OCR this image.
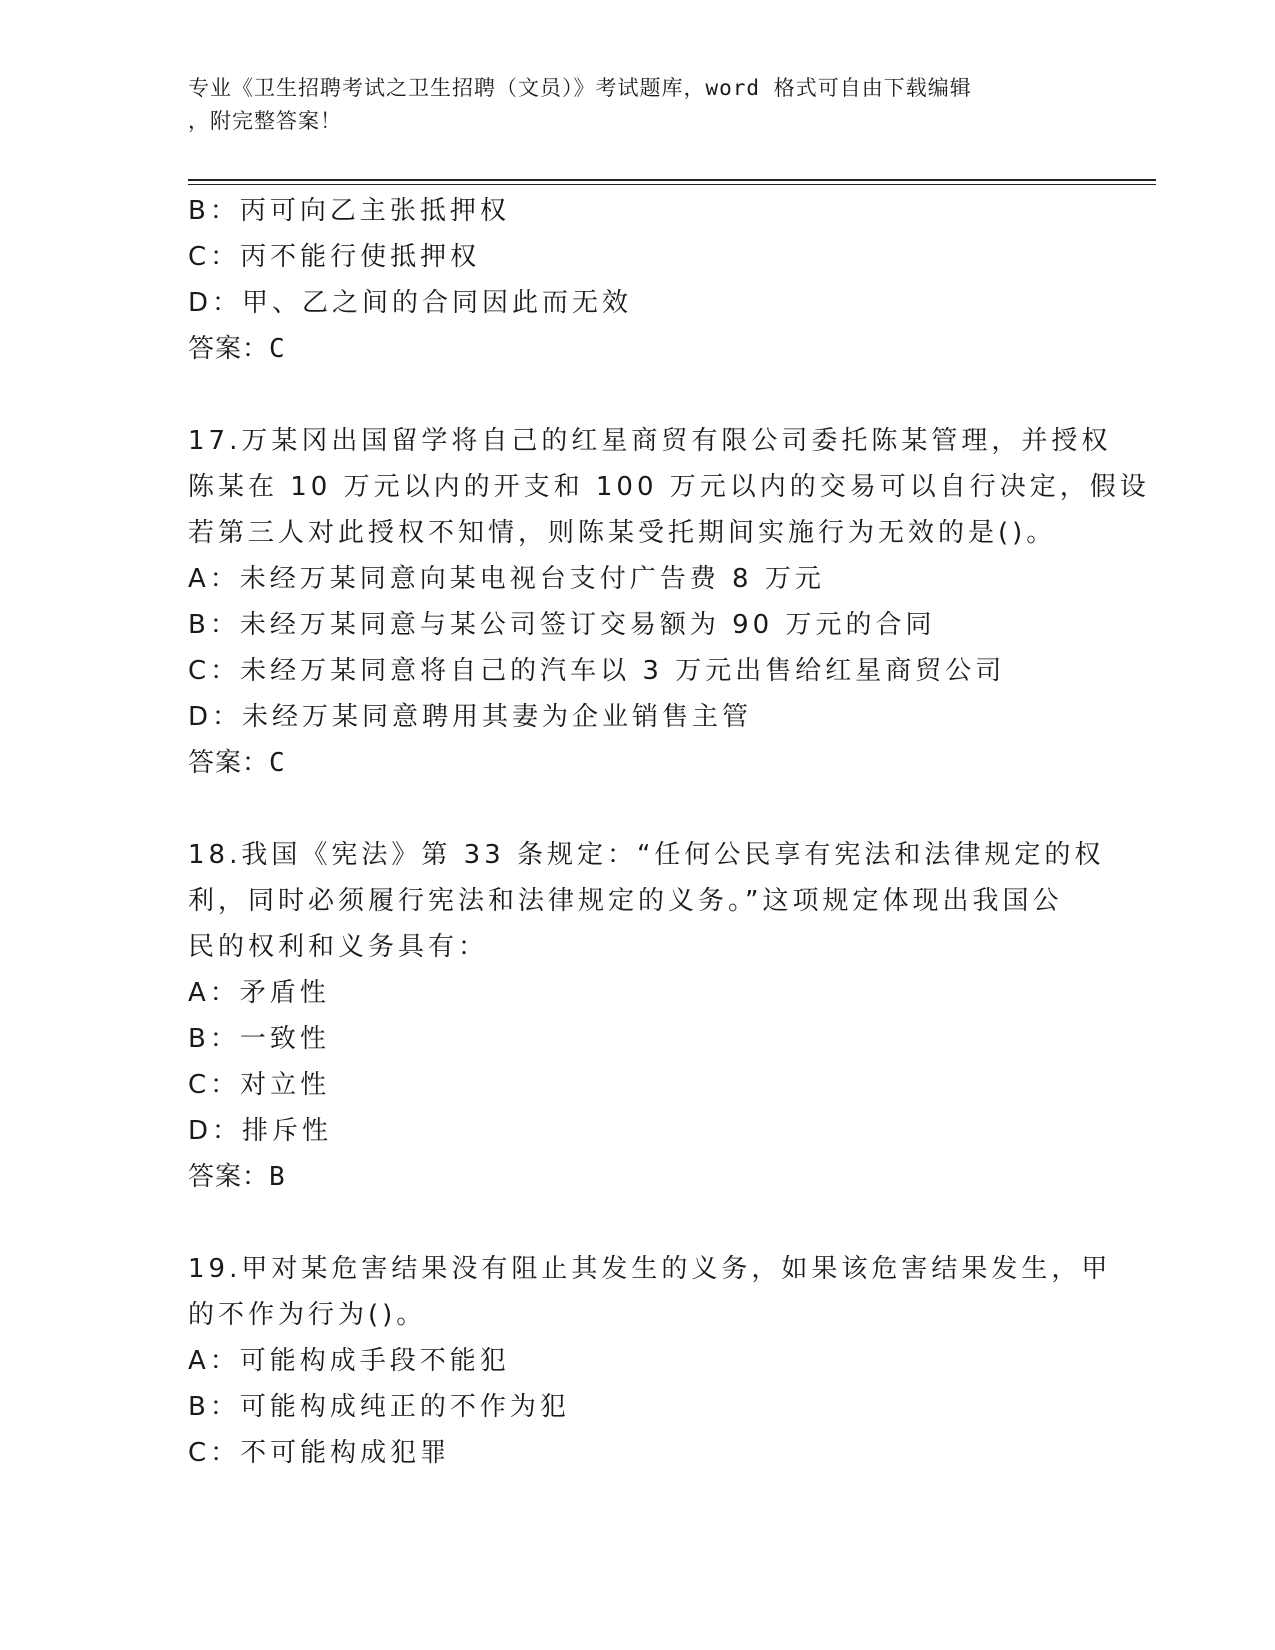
专业《卫生招聘考试之卫生招聘（文员）》考试题库，word 格式可自由下载编辑
，附完整答案！
B：丙可向乙主张抵押权
C：丙不能行使抵押权
D：甲、乙之间的合同因此而无效
答案：C
17.万某冈出国留学将自己的红星商贸有限公司委托陈某管理，并授权
陈某在 10 万元以内的开支和 100 万元以内的交易可以自行决定，假设
若第三人对此授权不知情，则陈某受托期间实施行为无效的是()。
A：未经万某同意向某电视台支付广告费 8 万元
B：未经万某同意与某公司签订交易额为 90 万元的合同
C：未经万某同意将自己的汽车以 3 万元出售给红星商贸公司
D：未经万某同意聘用其妻为企业销售主管
答案：C
18.我国《宪法》第 33 条规定：“任何公民享有宪法和法律规定的权
利，同时必须履行宪法和法律规定的义务。”这项规定体现出我国公
民的权利和义务具有：
A：矛盾性
B：一致性
C：对立性
D：排斥性
答案：B
19.甲对某危害结果没有阻止其发生的义务，如果该危害结果发生，甲
的不作为行为()。
A：可能构成手段不能犯
B：可能构成纯正的不作为犯
C：不可能构成犯罪
